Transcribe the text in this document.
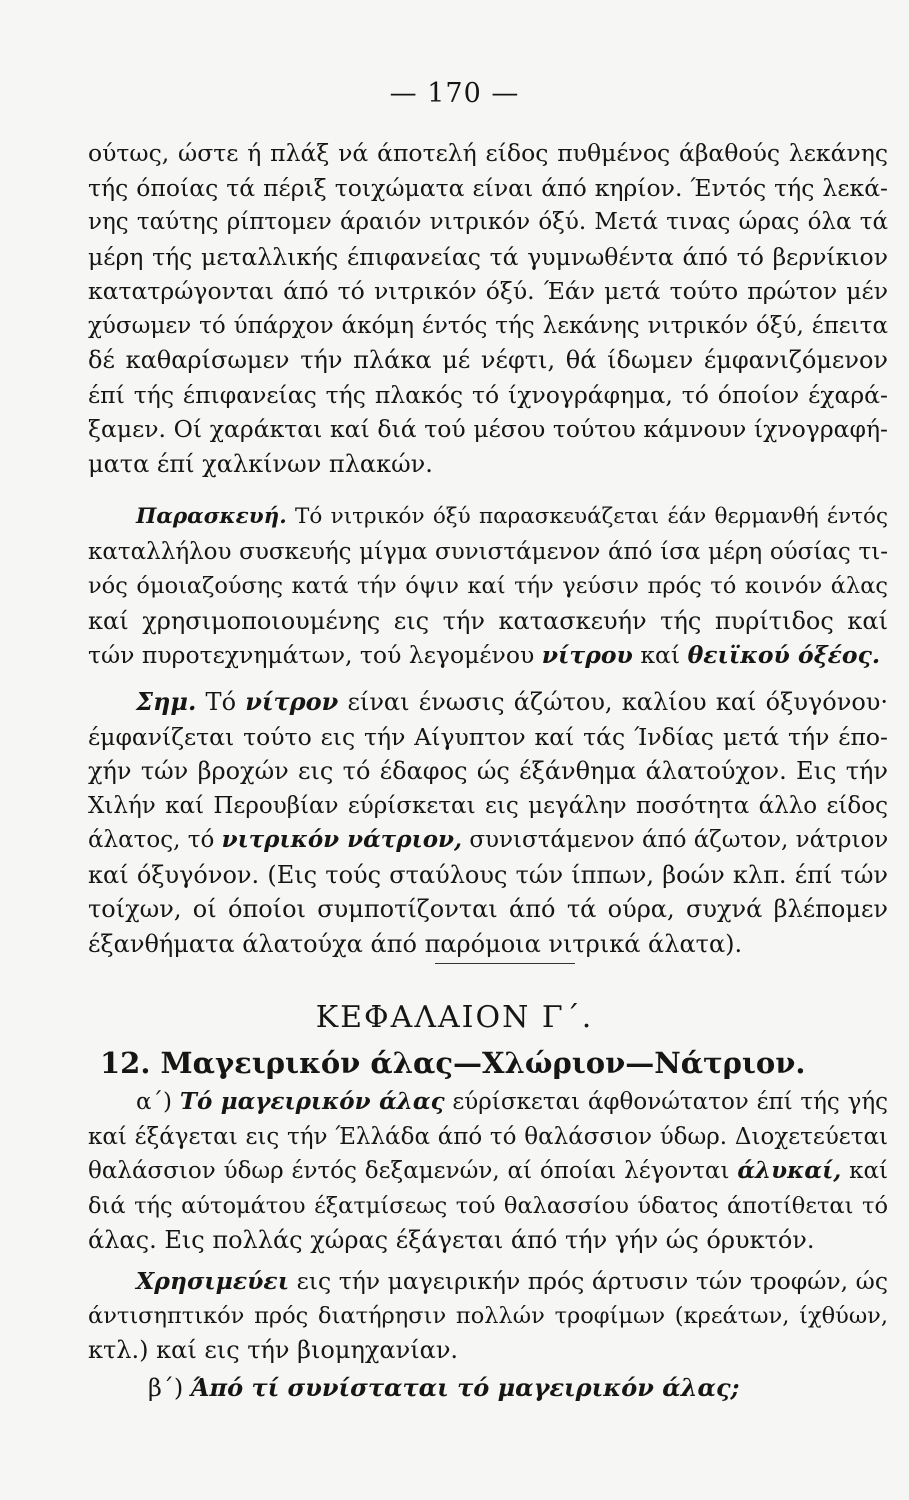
— 170 —
ούτως, ώστε ή πλάξ νά άποτελή είδος πυθμένος άβαθούς λεκάνης
τής όποίας τά πέριξ τοιχώματα είναι άπό κηρίον. Έντός τής λεκά-
νης ταύτης ρίπτομεν άραιόν νιτρικόν όξύ. Μετά τινας ώρας όλα τά
μέρη τής μεταλλικής έπιφανείας τά γυμνωθέντα άπό τό βερνίκιον
κατατρώγονται άπό τό νιτρικόν όξύ. Έάν μετά τούτο πρώτον μέν
χύσωμεν τό ύπάρχον άκόμη έντός τής λεκάνης νιτρικόν όξύ, έπειτα
δέ καθαρίσωμεν τήν πλάκα μέ νέφτι, θά ίδωμεν έμφανιζόμενον
έπί τής έπιφανείας τής πλακός τό ίχνογράφημα, τό όποίον έχαρά-
ξαμεν. Οί χαράκται καί διά τού μέσου τούτου κάμνουν ίχνογραφή-
ματα έπί χαλκίνων πλακών.
Παρασκευή. Τό νιτρικόν όξύ παρασκευάζεται έάν θερμανθή έντός
καταλλήλου συσκευής μίγμα συνιστάμενον άπό ίσα μέρη ούσίας τι-
νός όμοιαζούσης κατά τήν όψιν καί τήν γεύσιν πρός τό κοινόν άλας
καί χρησιμοποιουμένης εις τήν κατασκευήν τής πυρίτιδος καί
τών πυροτεχνημάτων, τού λεγομένου νίτρου καί θειϊκού όξέος.
Σημ. Τό νίτρον είναι ένωσις άζώτου, καλίου καί όξυγόνου·
έμφανίζεται τούτο εις τήν Αίγυπτον καί τάς Ίνδίας μετά τήν έπο-
χήν τών βροχών εις τό έδαφος ώς έξάνθημα άλατούχον. Εις τήν
Χιλήν καί Περουβίαν εύρίσκεται εις μεγάλην ποσότητα άλλο είδος
άλατος, τό νιτρικόν νάτριον, συνιστάμενον άπό άζωτον, νάτριον
καί όξυγόνον. (Εις τούς σταύλους τών ίππων, βοών κλπ. έπί τών
τοίχων, οί όποίοι συμποτίζονται άπό τά ούρα, συχνά βλέπομεν
έξανθήματα άλατούχα άπό παρόμοια νιτρικά άλατα).
ΚΕΦΑΛΑΙΟΝ Γ΄.
12. Μαγειρικόν άλας—Χλώριον—Νάτριον.
α΄) Τό μαγειρικόν άλας εύρίσκεται άφθονώτατον έπί τής γής
καί έξάγεται εις τήν Έλλάδα άπό τό θαλάσσιον ύδωρ. Διοχετεύεται
θαλάσσιον ύδωρ έντός δεξαμενών, αί όποίαι λέγονται άλυκαί, καί
διά τής αύτομάτου έξατμίσεως τού θαλασσίου ύδατος άποτίθεται τό
άλας. Εις πολλάς χώρας έξάγεται άπό τήν γήν ώς όρυκτόν.
Χρησιμεύει εις τήν μαγειρικήν πρός άρτυσιν τών τροφών, ώς
άντισηπτικόν πρός διατήρησιν πολλών τροφίμων (κρεάτων, ίχθύων,
κτλ.) καί εις τήν βιομηχανίαν.
β΄) Άπό τί συνίσταται τό μαγειρικόν άλας;
